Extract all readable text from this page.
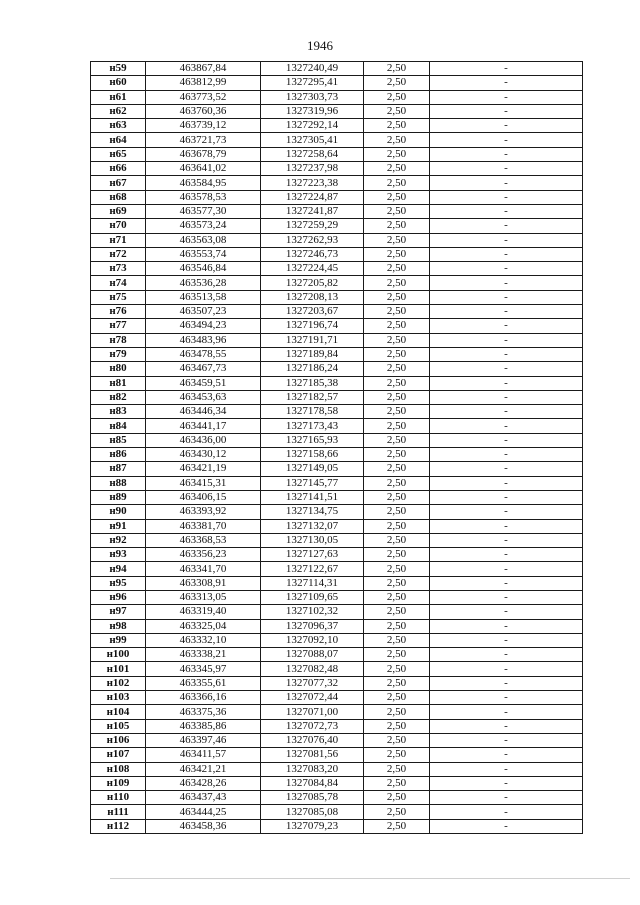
1946
н59	463867,84	1327240,49	2,50	-
н60	463812,99	1327295,41	2,50	-
н61	463773,52	1327303,73	2,50	-
н62	463760,36	1327319,96	2,50	-
н63	463739,12	1327292,14	2,50	-
н64	463721,73	1327305,41	2,50	-
н65	463678,79	1327258,64	2,50	-
н66	463641,02	1327237,98	2,50	-
н67	463584,95	1327223,38	2,50	-
н68	463578,53	1327224,87	2,50	-
н69	463577,30	1327241,87	2,50	-
н70	463573,24	1327259,29	2,50	-
н71	463563,08	1327262,93	2,50	-
н72	463553,74	1327246,73	2,50	-
н73	463546,84	1327224,45	2,50	-
н74	463536,28	1327205,82	2,50	-
н75	463513,58	1327208,13	2,50	-
н76	463507,23	1327203,67	2,50	-
н77	463494,23	1327196,74	2,50	-
н78	463483,96	1327191,71	2,50	-
н79	463478,55	1327189,84	2,50	-
н80	463467,73	1327186,24	2,50	-
н81	463459,51	1327185,38	2,50	-
н82	463453,63	1327182,57	2,50	-
н83	463446,34	1327178,58	2,50	-
н84	463441,17	1327173,43	2,50	-
н85	463436,00	1327165,93	2,50	-
н86	463430,12	1327158,66	2,50	-
н87	463421,19	1327149,05	2,50	-
н88	463415,31	1327145,77	2,50	-
н89	463406,15	1327141,51	2,50	-
н90	463393,92	1327134,75	2,50	-
н91	463381,70	1327132,07	2,50	-
н92	463368,53	1327130,05	2,50	-
н93	463356,23	1327127,63	2,50	-
н94	463341,70	1327122,67	2,50	-
н95	463308,91	1327114,31	2,50	-
н96	463313,05	1327109,65	2,50	-
н97	463319,40	1327102,32	2,50	-
н98	463325,04	1327096,37	2,50	-
н99	463332,10	1327092,10	2,50	-
н100	463338,21	1327088,07	2,50	-
н101	463345,97	1327082,48	2,50	-
н102	463355,61	1327077,32	2,50	-
н103	463366,16	1327072,44	2,50	-
н104	463375,36	1327071,00	2,50	-
н105	463385,86	1327072,73	2,50	-
н106	463397,46	1327076,40	2,50	-
н107	463411,57	1327081,56	2,50	-
н108	463421,21	1327083,20	2,50	-
н109	463428,26	1327084,84	2,50	-
н110	463437,43	1327085,78	2,50	-
н111	463444,25	1327085,08	2,50	-
н112	463458,36	1327079,23	2,50	-
